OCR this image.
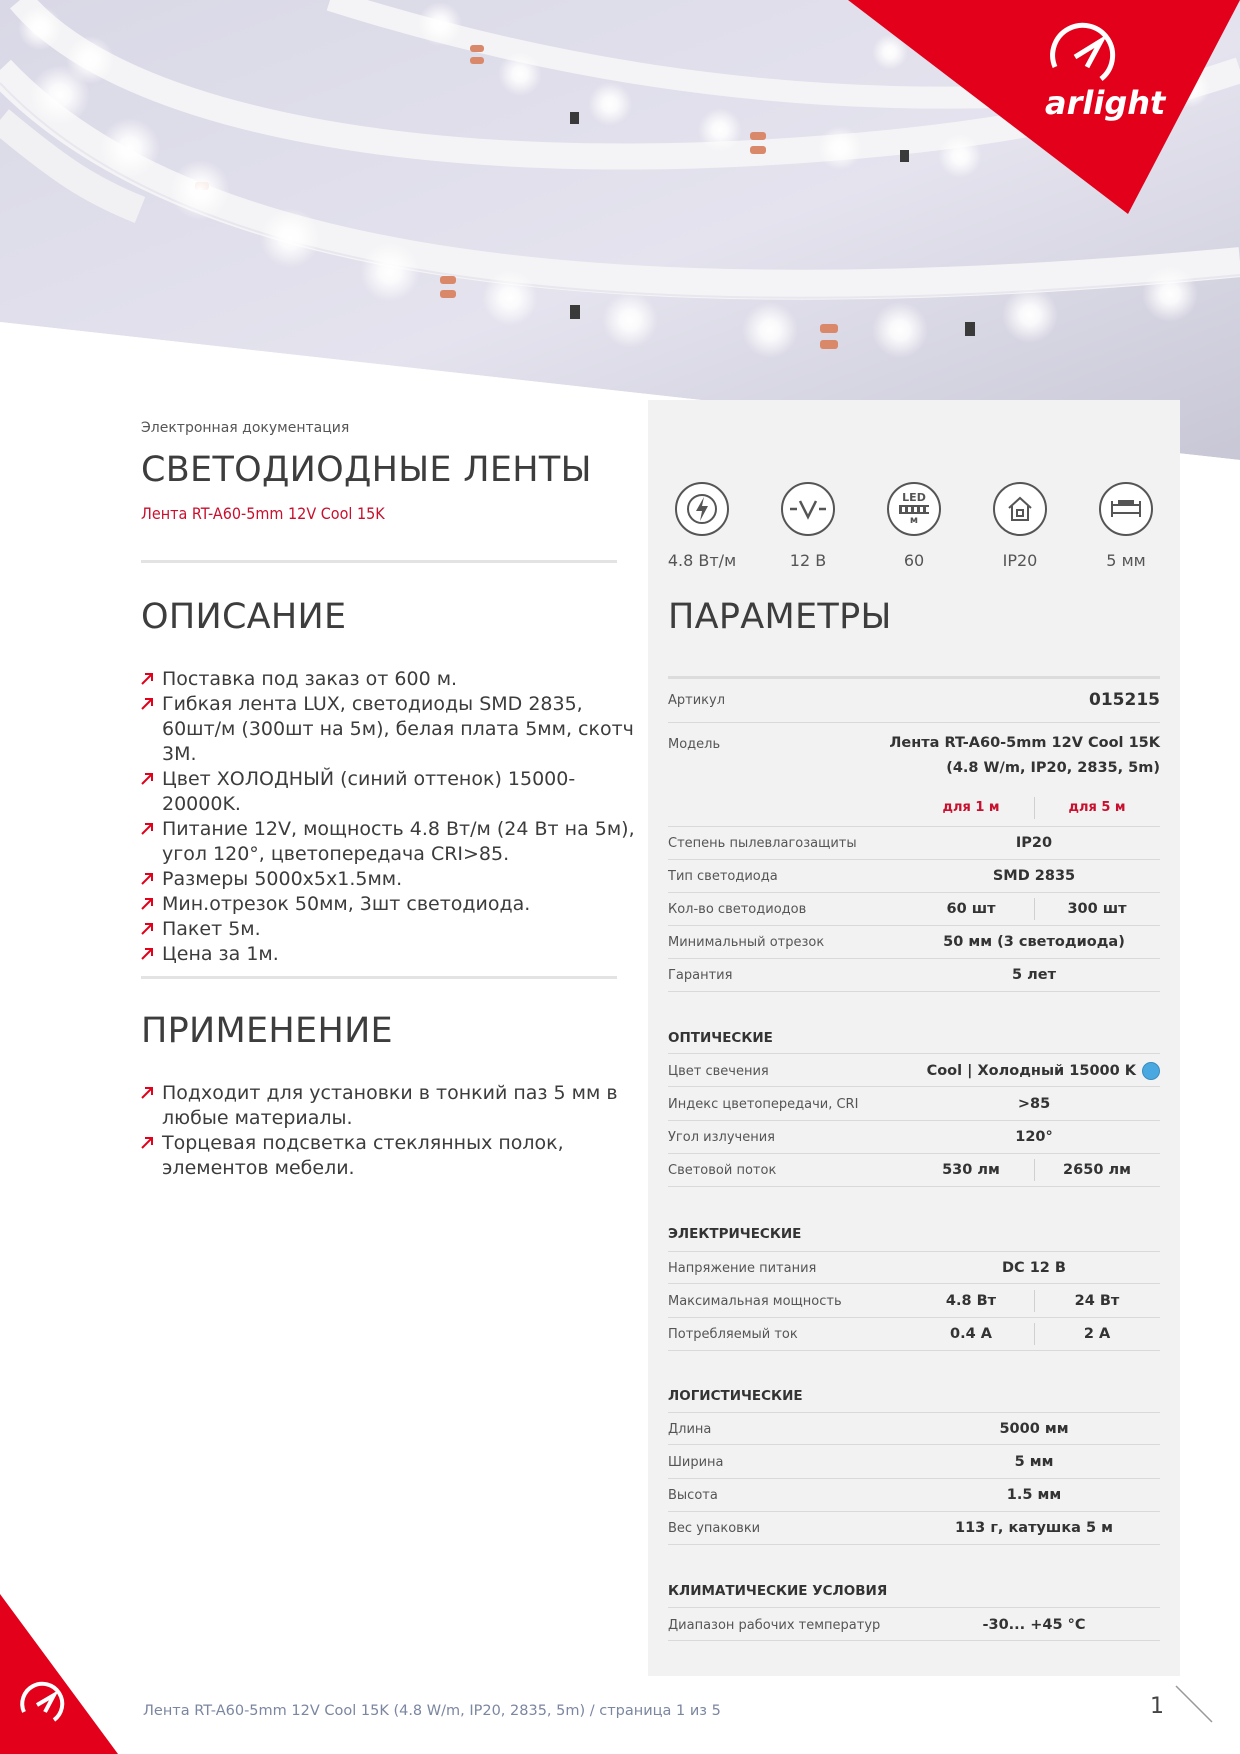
arlight
Электронная документация
СВЕТОДИОДНЫЕ ЛЕНТЫ
Лента RT-A60-5mm 12V Cool 15K
ОПИСАНИЕ
Поставка под заказ от 600 м.
Гибкая лента LUX, светодиоды SMD 2835, 60шт/м (300шт на 5м), белая плата 5мм, скотч 3М.
Цвет ХОЛОДНЫЙ (синий оттенок) 15000-20000K.
Питание 12V, мощность 4.8 Вт/м (24 Вт на 5м), угол 120°, цветопередача CRI>85.
Размеры 5000x5x1.5мм.
Мин.отрезок 50мм, 3шт светодиода.
Пакет 5м.
Цена за 1м.
ПРИМЕНЕНИЕ
Подходит для установки в тонкий паз 5 мм в любые материалы.
Торцевая подсветка стеклянных полок, элементов мебели.
4.8 Вт/м	12 В
LED
м
60	IP20	5 мм
ПАРАМЕТРЫ
Артикул	015215
Модель	Лента RT-A60-5mm 12V Cool 15K
(4.8 W/m, IP20, 2835, 5m)
для 1 м	для 5 м
Степень пылевлагозащиты	IP20
Тип светодиода	SMD 2835
Кол-во светодиодов	60 шт	300 шт
Минимальный отрезок	50 мм (3 светодиода)
Гарантия	5 лет
ОПТИЧЕСКИЕ
Цвет свечения	Cool | Холодный 15000 K
Индекс цветопередачи, CRI	>85
Угол излучения	120°
Световой поток	530 лм	2650 лм
ЭЛЕКТРИЧЕСКИЕ
Напряжение питания	DC 12 В
Максимальная мощность	4.8 Вт	24 Вт
Потребляемый ток	0.4 А	2 А
ЛОГИСТИЧЕСКИЕ
Длина	5000 мм
Ширина	5 мм
Высота	1.5 мм
Вес упаковки	113 г, катушка 5 м
КЛИМАТИЧЕСКИЕ УСЛОВИЯ
Диапазон рабочих температур	-30... +45 °C
Лента RT-A60-5mm 12V Cool 15K (4.8 W/m, IP20, 2835, 5m) / страница 1 из 5	1
